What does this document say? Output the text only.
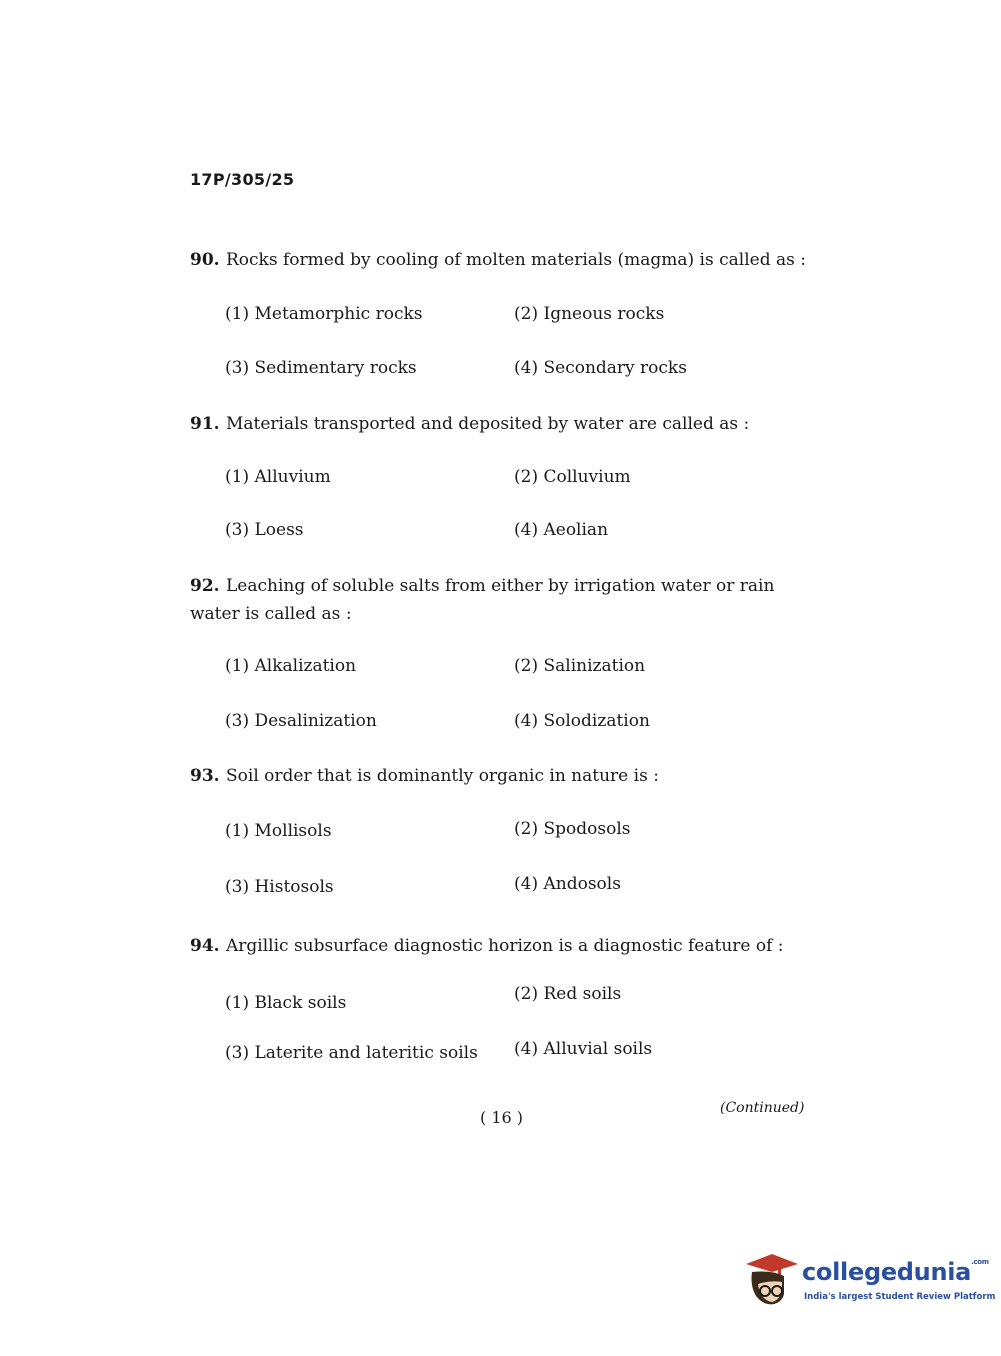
17P/305/25
90. Rocks formed by cooling of molten materials (magma) is called as :
(1) Metamorphic rocks	(2) Igneous rocks
(3) Sedimentary rocks	(4) Secondary rocks
91. Materials transported and deposited by water are called as :
(1) Alluvium	(2) Colluvium
(3) Loess	(4) Aeolian
92. Leaching of soluble salts from either by irrigation water or rain water is called as :
(1) Alkalization	(2) Salinization
(3) Desalinization	(4) Solodization
93. Soil order that is dominantly organic in nature is :
(1) Mollisols	(2) Spodosols
(3) Histosols	(4) Andosols
94. Argillic subsurface diagnostic horizon is a diagnostic feature of :
(1) Black soils	(2) Red soils
(3) Laterite and lateritic soils (4) Alluvial soils
( 16 )	(Continued)
collegedunia$^{.com}$
India's largest Student Review Platform
